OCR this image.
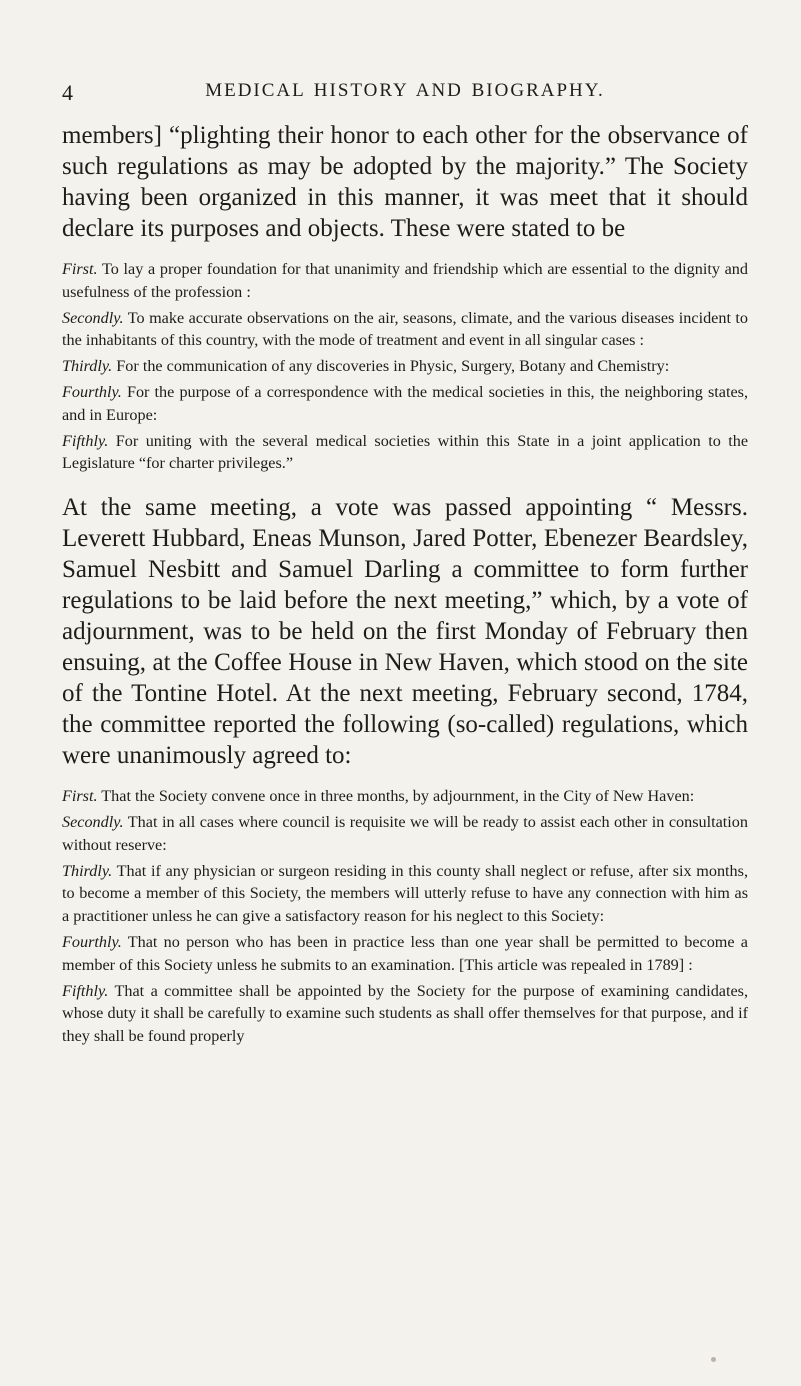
4	MEDICAL HISTORY AND BIOGRAPHY.

members] “plighting their honor to each other for the observance of such regulations as may be adopted by the majority.” The Society having been organized in this manner, it was meet that it should declare its purposes and objects. These were stated to be

First. To lay a proper foundation for that unanimity and friendship which are essential to the dignity and usefulness of the profession :
Secondly. To make accurate observations on the air, seasons, climate, and the various diseases incident to the inhabitants of this country, with the mode of treatment and event in all singular cases :
Thirdly. For the communication of any discoveries in Physic, Surgery, Botany and Chemistry:
Fourthly. For the purpose of a correspondence with the medical societies in this, the neighboring states, and in Europe:
Fifthly. For uniting with the several medical societies within this State in a joint application to the Legislature “for charter privileges.”

At the same meeting, a vote was passed appointing “ Messrs. Leverett Hubbard, Eneas Munson, Jared Potter, Ebenezer Beardsley, Samuel Nesbitt and Samuel Darling a committee to form further regulations to be laid before the next meeting,” which, by a vote of adjournment, was to be held on the first Monday of February then ensuing, at the Coffee House in New Haven, which stood on the site of the Tontine Hotel. At the next meeting, February second, 1784, the committee reported the following (so-called) regulations, which were unanimously agreed to:

First. That the Society convene once in three months, by adjournment, in the City of New Haven:
Secondly. That in all cases where council is requisite we will be ready to assist each other in consultation without reserve:
Thirdly. That if any physician or surgeon residing in this county shall neglect or refuse, after six months, to become a member of this Society, the members will utterly refuse to have any connection with him as a practitioner unless he can give a satisfactory reason for his neglect to this Society:
Fourthly. That no person who has been in practice less than one year shall be permitted to become a member of this Society unless he submits to an examination. [This article was repealed in 1789] :
Fifthly. That a committee shall be appointed by the Society for the purpose of examining candidates, whose duty it shall be carefully to examine such students as shall offer themselves for that purpose, and if they shall be found properly
